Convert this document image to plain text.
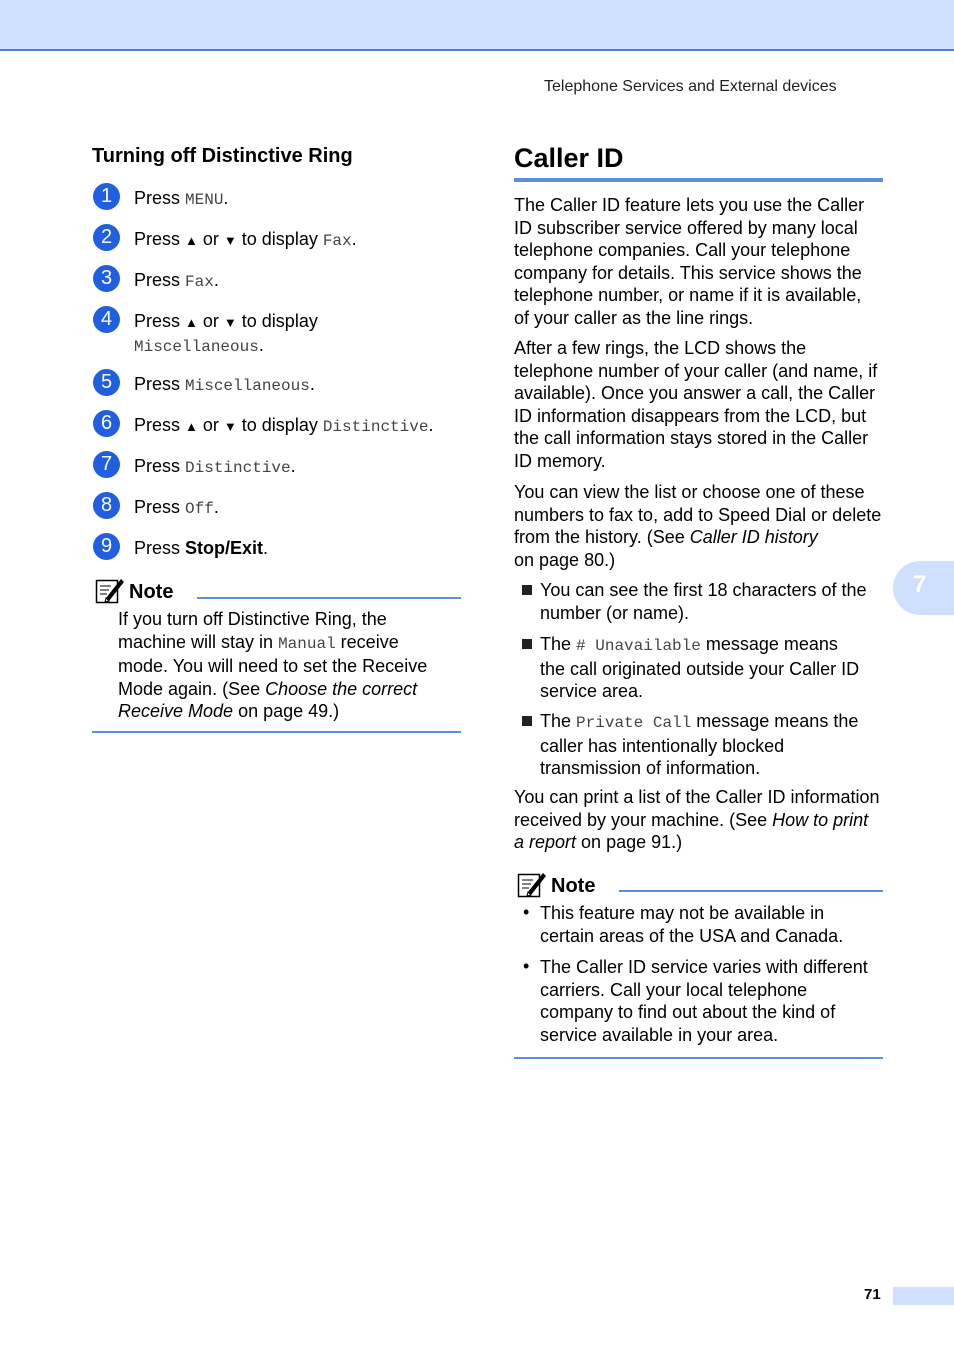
Telephone Services and External devices
7
Turning off Distinctive Ring
1	Press MENU.
2	Press ▲ or ▼ to display Fax.
3	Press Fax.
4	Press ▲ or ▼ to display
Miscellaneous.
5	Press Miscellaneous.
6	Press ▲ or ▼ to display Distinctive.
7	Press Distinctive.
8	Press Off.
9	Press Stop/Exit.
Note
If you turn off Distinctive Ring, the
machine will stay in Manual receive
mode. You will need to set the Receive
Mode again. (See Choose the correct
Receive Mode on page 49.)
Caller ID
The Caller ID feature lets you use the Caller
ID subscriber service offered by many local
telephone companies. Call your telephone
company for details. This service shows the
telephone number, or name if it is available,
of your caller as the line rings.
After a few rings, the LCD shows the
telephone number of your caller (and name, if
available). Once you answer a call, the Caller
ID information disappears from the LCD, but
the call information stays stored in the Caller
ID memory.
You can view the list or choose one of these
numbers to fax to, add to Speed Dial or delete
from the history. (See Caller ID history
on page 80.)
You can see the first 18 characters of the
number (or name).
The # Unavailable message means
the call originated outside your Caller ID
service area.
The Private Call message means the
caller has intentionally blocked
transmission of information.
You can print a list of the Caller ID information
received by your machine. (See How to print
a report on page 91.)
Note
• This feature may not be available in
certain areas of the USA and Canada.
• The Caller ID service varies with different
carriers. Call your local telephone
company to find out about the kind of
service available in your area.
71
